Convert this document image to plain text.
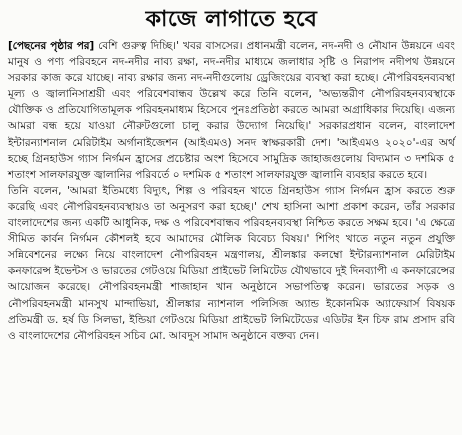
কাজে লাগাতে হবে

[পেছনের পৃষ্ঠার পর] বেশি গুরুত্ব দিচ্ছি।' খবর বাসসের। প্রধানমন্ত্রী বলেন, নদ-নদী ও নৌযান উন্নয়নে এবং মানুষ ও পণ্য পরিবহনে নদ-নদীর নাব্য রক্ষা, নদ-নদীর মাধ্যমে জলাধার সৃষ্টি ও নিরাপদ নদীপথ উন্নয়নে সরকার কাজ করে যাচ্ছে। নাব্য রক্ষার জন্য নদ-নদীগুলোয় ড্রেজিংয়ের ব্যবস্থা করা হচ্ছে। নৌপরিবহনব্যবস্থা মূল্য ও জ্বালানিসাশ্রয়ী এবং পরিবেশবান্ধব উল্লেখ করে তিনি বলেন, 'অভ্যন্তরীণ নৌপরিবহনব্যবস্থাকে যৌক্তিক ও প্রতিযোগিতামূলক পরিবহনমাধ্যম হিসেবে পুনঃপ্রতিষ্ঠা করতে আমরা অগ্রাধিকার দিয়েছি। এজন্য আমরা বন্ধ হয়ে যাওয়া নৌরুটগুলো চালু করার উদ্যোগ নিয়েছি।' সরকারপ্রধান বলেন, বাংলাদেশ ইন্টারন্যাশনাল মেরিটাইম অর্গানাইজেশন (আইএমও) সনদ স্বাক্ষরকারী দেশ। 'আইএমও ২০২০'-এর অর্থ হচ্ছে গ্রিনহাউস গ্যাস নির্গমন হ্রাসের প্রচেষ্টার অংশ হিসেবে সামুদ্রিক জাহাজগুলোয় বিদ্যমান ৩ দশমিক ৫ শতাংশ সালফারযুক্ত জ্বালানির পরিবর্তে ০ দশমিক ৫ শতাংশ সালফারযুক্ত জ্বালানি ব্যবহার করতে হবে।

তিনি বলেন, 'আমরা ইতিমধ্যে বিদ্যুৎ, শিল্প ও পরিবহন খাতে গ্রিনহাউস গ্যাস নির্গমন হ্রাস করতে শুরু করেছি এবং নৌপরিবহনব্যবস্থায়ও তা অনুসরণ করা হচ্ছে।' শেখ হাসিনা আশা প্রকাশ করেন, তাঁর সরকার বাংলাদেশের জন্য একটি আধুনিক, দক্ষ ও পরিবেশবান্ধব পরিবহনব্যবস্থা নিশ্চিত করতে সক্ষম হবে। 'এ ক্ষেত্রে সীমিত কার্বন নির্গমন কৌশলই হবে আমাদের মৌলিক বিবেচ্য বিষয়।' শিপিং খাতে নতুন নতুন প্রযুক্তি সন্নিবেশনের লক্ষ্যে নিয়ে বাংলাদেশ নৌপরিবহন মন্ত্রণালয়, শ্রীলঙ্কার কলম্বো ইন্টারন্যাশনাল মেরিটাইম কনফারেন্স ইভেন্টস ও ভারতের গেটওয়ে মিডিয়া প্রাইভেট লিমিটেড যৌথভাবে দুই দিনব্যাপী এ কনফারেন্সের আয়োজন করেছে। নৌপরিবহনমন্ত্রী শাজাহান খান অনুষ্ঠানে সভাপতিত্ব করেন। ভারতের সড়ক ও নৌপরিবহনমন্ত্রী মানসুখ মান্দাভিয়া, শ্রীলঙ্কার ন্যাশনাল পলিসিজ অ্যান্ড ইকোনমিক অ্যাফেয়ার্স বিষয়ক প্রতিমন্ত্রী ড. হর্ষ ডি সিলভা, ইন্ডিয়া গেটওয়ে মিডিয়া প্রাইভেট লিমিটেডের এডিটর ইন চিফ রাম প্রসাদ রবি ও বাংলাদেশের নৌপরিবহন সচিব মো. আবদুস সামাদ অনুষ্ঠানে বক্তব্য দেন।
